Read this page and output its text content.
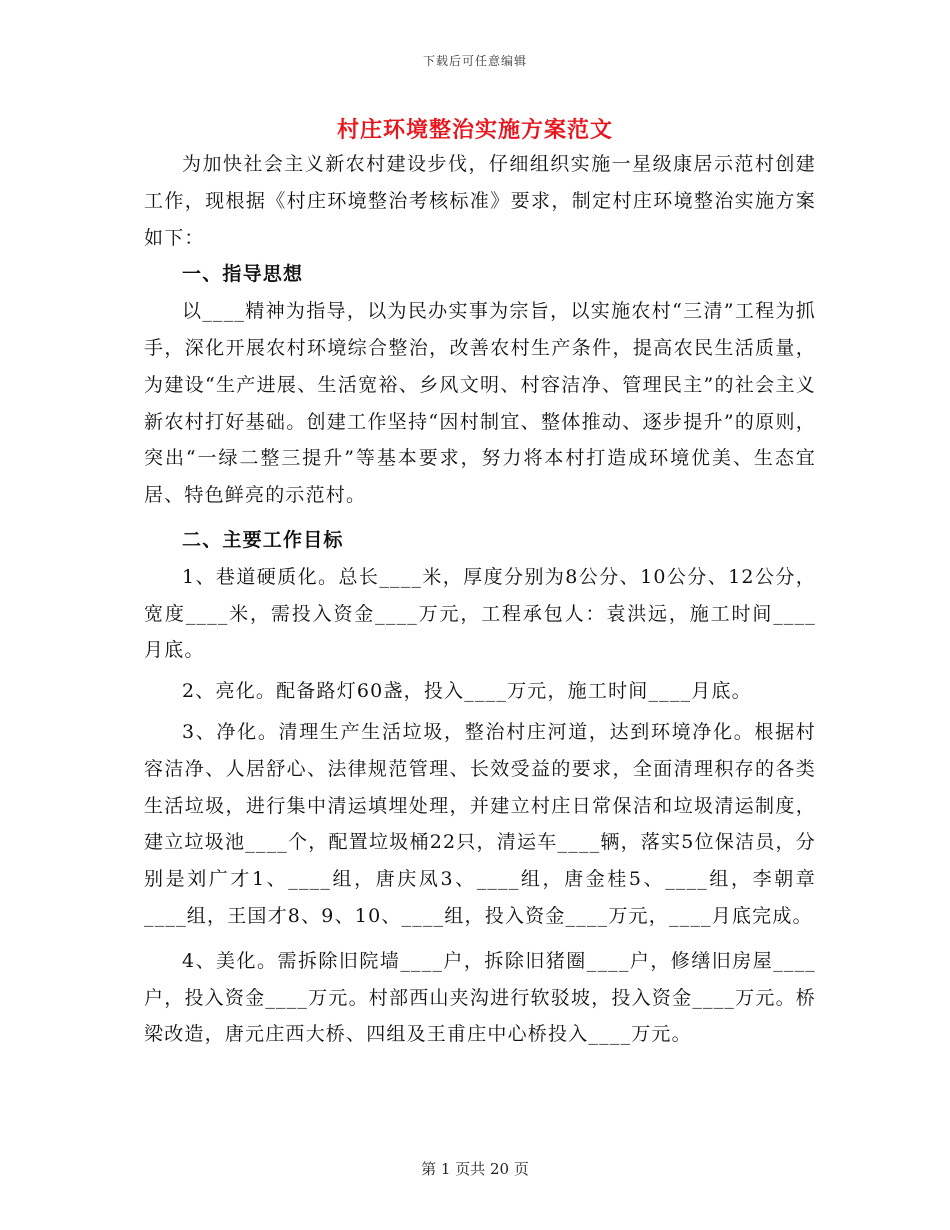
下载后可任意编辑
村庄环境整治实施方案范文

为加快社会主义新农村建设步伐，仔细组织实施一星级康居示范村创建工作，现根据《村庄环境整治考核标准》要求，制定村庄环境整治实施方案如下：

一、指导思想

以____精神为指导，以为民办实事为宗旨，以实施农村“三清”工程为抓手，深化开展农村环境综合整治，改善农村生产条件，提高农民生活质量，为建设“生产进展、生活宽裕、乡风文明、村容洁净、管理民主”的社会主义新农村打好基础。创建工作坚持“因村制宜、整体推动、逐步提升”的原则，突出“一绿二整三提升”等基本要求，努力将本村打造成环境优美、生态宜居、特色鲜亮的示范村。

二、主要工作目标

1、巷道硬质化。总长____米，厚度分别为8公分、10公分、12公分，宽度____米，需投入资金____万元，工程承包人：袁洪远，施工时间____月底。

2、亮化。配备路灯60盏，投入____万元，施工时间____月底。

3、净化。清理生产生活垃圾，整治村庄河道，达到环境净化。根据村容洁净、人居舒心、法律规范管理、长效受益的要求，全面清理积存的各类生活垃圾，进行集中清运填埋处理，并建立村庄日常保洁和垃圾清运制度，建立垃圾池____个，配置垃圾桶22只，清运车____辆，落实5位保洁员，分别是刘广才1、____组，唐庆凤3、____组，唐金桂5、____组，李朝章____组，王国才8、9、10、____组，投入资金____万元，____月底完成。

4、美化。需拆除旧院墙____户，拆除旧猪圈____户，修缮旧房屋____户，投入资金____万元。村部西山夹沟进行软驳坡，投入资金____万元。桥梁改造，唐元庄西大桥、四组及王甫庄中心桥投入____万元。

第 1 页共 20 页
